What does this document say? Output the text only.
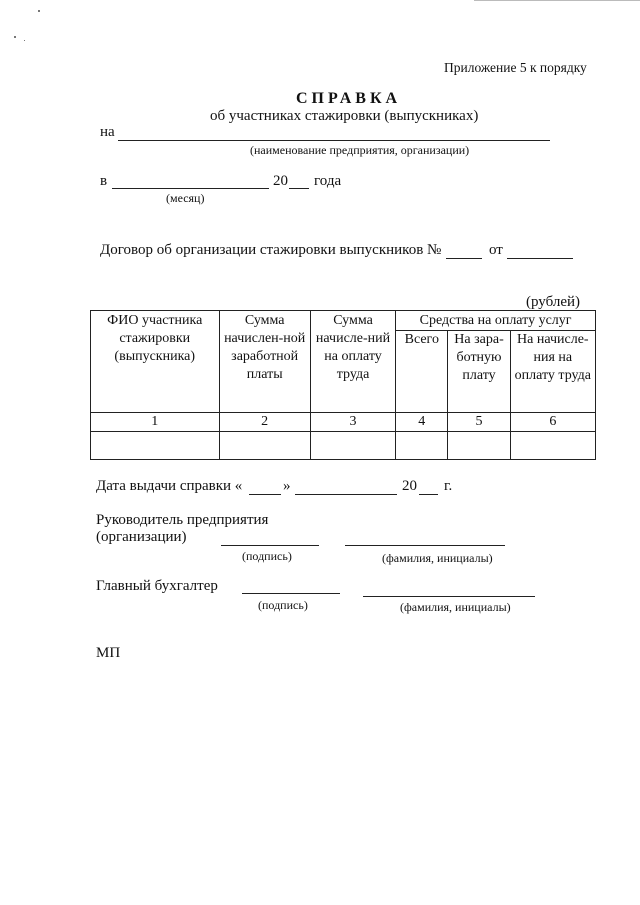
Приложение 5 к порядку
СПРАВКА
об участниках стажировки (выпускниках)
на
(наименование предприятия, организации)
в	20 года
(месяц)
Договор об организации стажировки выпускников №	от
(рублей)
ФИО участника стажировки (выпускника)	Сумма начислен-ной заработной платы	Сумма начисле-ний на оплату труда	Средства на оплату услуг		
			Всего	На зара-ботную плату	На начисле-ния на оплату труда
1	2	3	4	5	6

Дата выдачи справки «	»	20 г.
Руководитель предприятия
(организации)
(подпись)	(фамилия, инициалы)
Главный бухгалтер
(подпись)	(фамилия, инициалы)
МП
